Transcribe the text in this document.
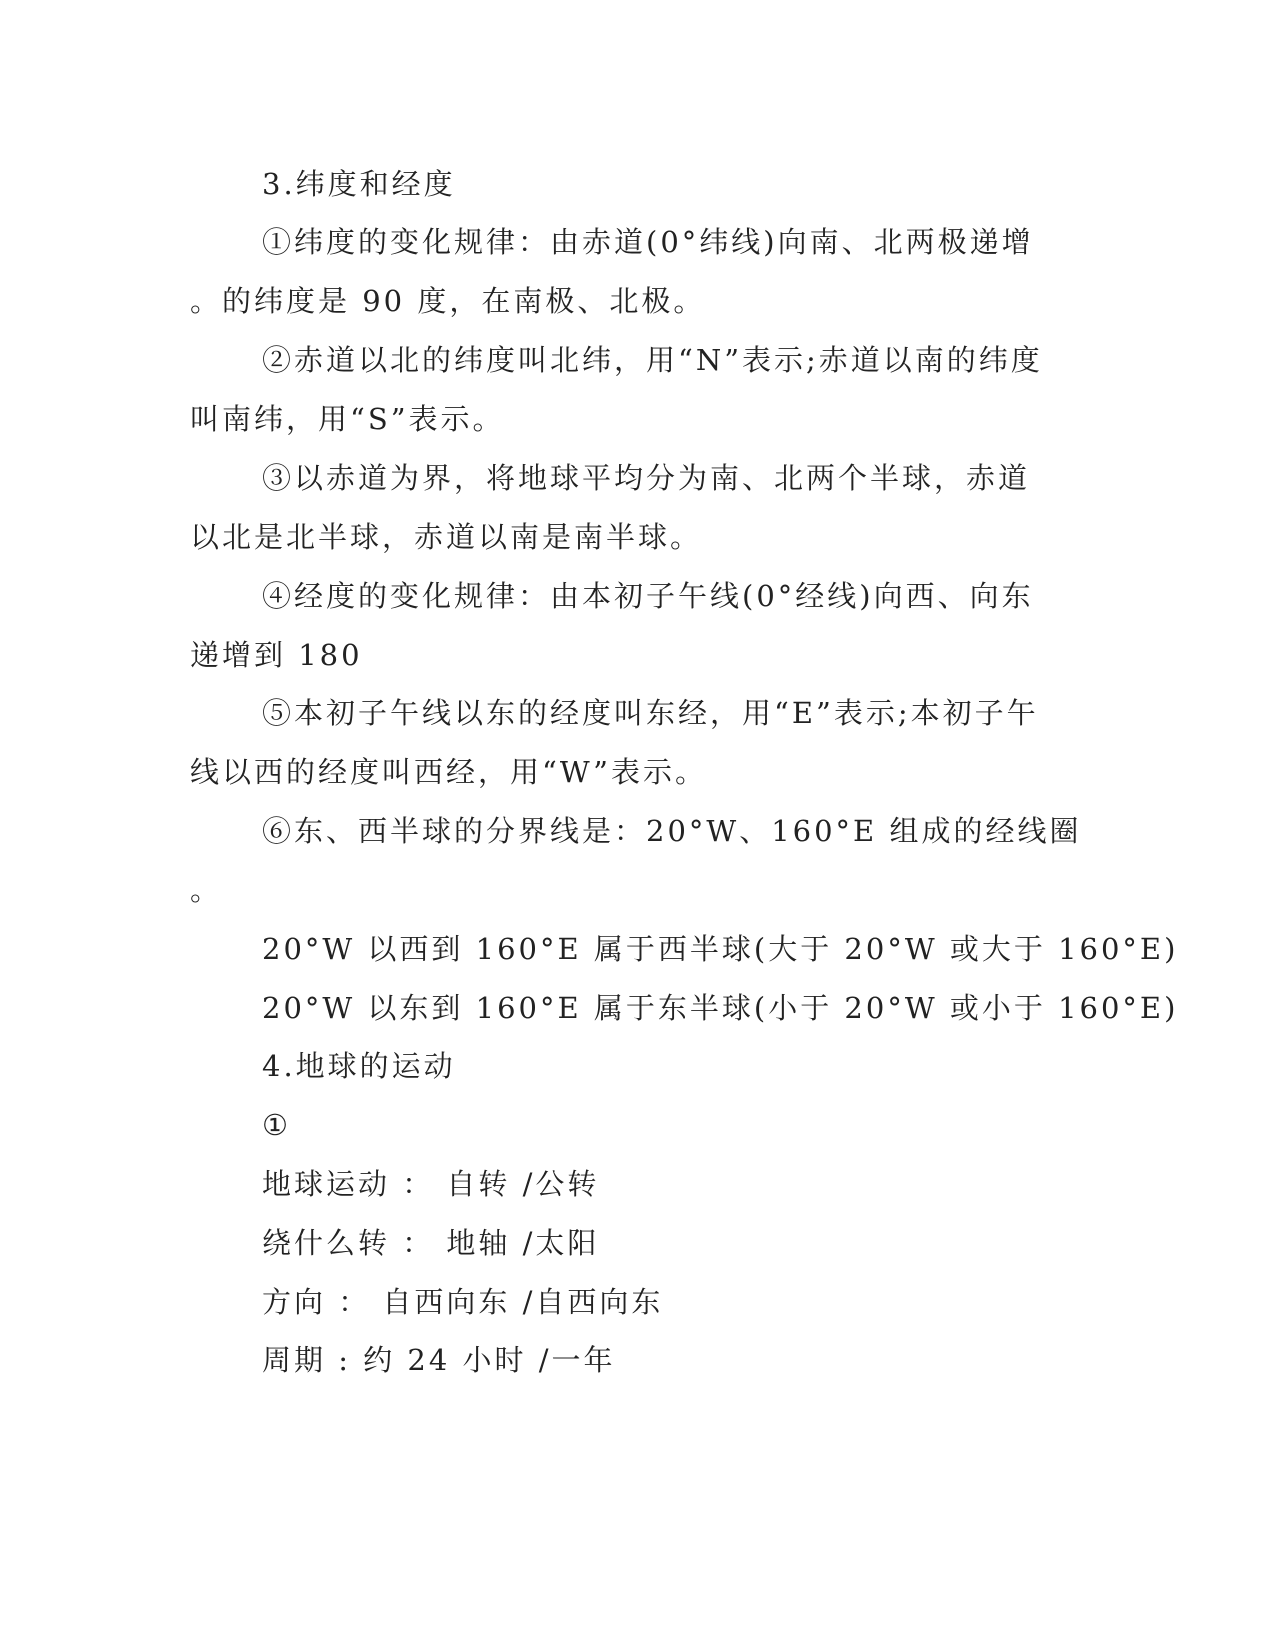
3.纬度和经度
①纬度的变化规律：由赤道(0°纬线)向南、北两极递增
。的纬度是 90 度，在南极、北极。
②赤道以北的纬度叫北纬，用“N”表示;赤道以南的纬度
叫南纬，用“S”表示。
③以赤道为界，将地球平均分为南、北两个半球，赤道
以北是北半球，赤道以南是南半球。
④经度的变化规律：由本初子午线(0°经线)向西、向东
递增到 180
⑤本初子午线以东的经度叫东经，用“E”表示;本初子午
线以西的经度叫西经，用“W”表示。
⑥东、西半球的分界线是：20°W、160°E 组成的经线圈
。
20°W 以西到 160°E 属于西半球(大于 20°W 或大于 160°E)
20°W 以东到 160°E 属于东半球(小于 20°W 或小于 160°E)
4.地球的运动
①
地球运动 ： 自转 /公转
绕什么转 ： 地轴 /太阳
方向 ： 自西向东 /自西向东
周期 : 约 24 小时 /一年
